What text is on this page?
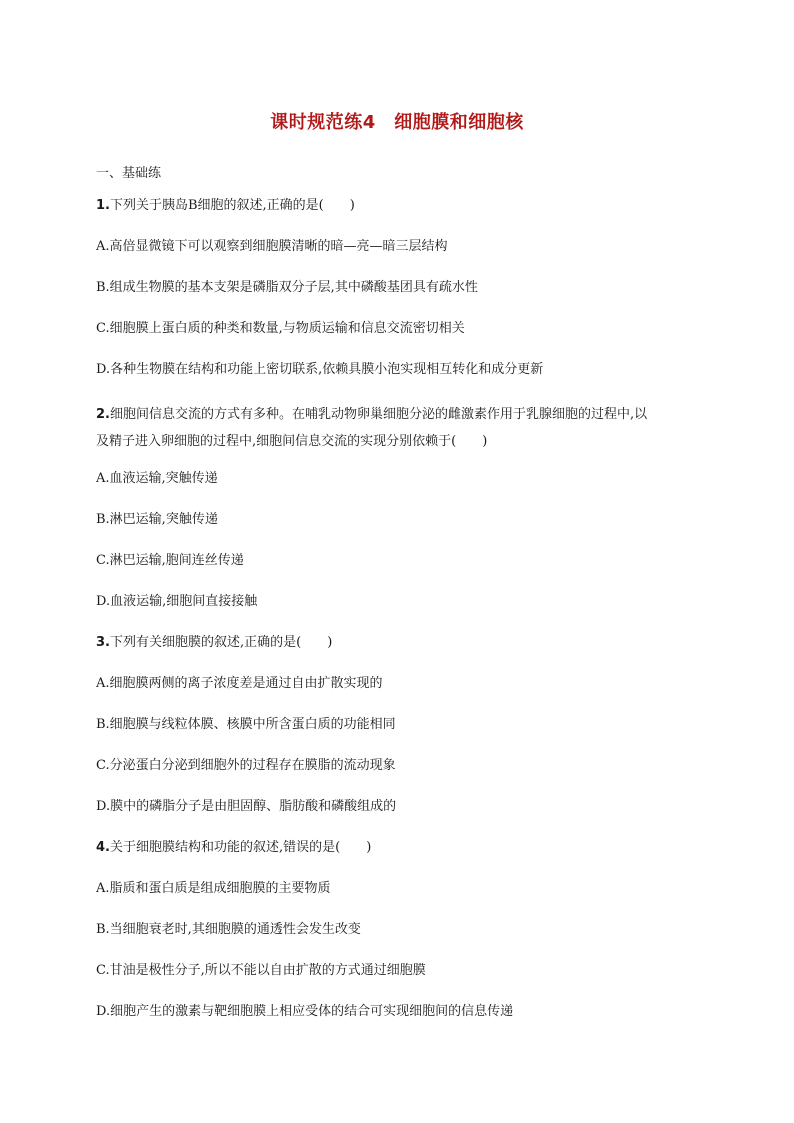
课时规范练4　细胞膜和细胞核
一、基础练
1.下列关于胰岛B细胞的叙述,正确的是(　　)
A.高倍显微镜下可以观察到细胞膜清晰的暗—亮—暗三层结构
B.组成生物膜的基本支架是磷脂双分子层,其中磷酸基团具有疏水性
C.细胞膜上蛋白质的种类和数量,与物质运输和信息交流密切相关
D.各种生物膜在结构和功能上密切联系,依赖具膜小泡实现相互转化和成分更新
2.细胞间信息交流的方式有多种。在哺乳动物卵巢细胞分泌的雌激素作用于乳腺细胞的过程中,以
及精子进入卵细胞的过程中,细胞间信息交流的实现分别依赖于(　　)
A.血液运输,突触传递
B.淋巴运输,突触传递
C.淋巴运输,胞间连丝传递
D.血液运输,细胞间直接接触
3.下列有关细胞膜的叙述,正确的是(　　)
A.细胞膜两侧的离子浓度差是通过自由扩散实现的
B.细胞膜与线粒体膜、核膜中所含蛋白质的功能相同
C.分泌蛋白分泌到细胞外的过程存在膜脂的流动现象
D.膜中的磷脂分子是由胆固醇、脂肪酸和磷酸组成的
4.关于细胞膜结构和功能的叙述,错误的是(　　)
A.脂质和蛋白质是组成细胞膜的主要物质
B.当细胞衰老时,其细胞膜的通透性会发生改变
C.甘油是极性分子,所以不能以自由扩散的方式通过细胞膜
D.细胞产生的激素与靶细胞膜上相应受体的结合可实现细胞间的信息传递
